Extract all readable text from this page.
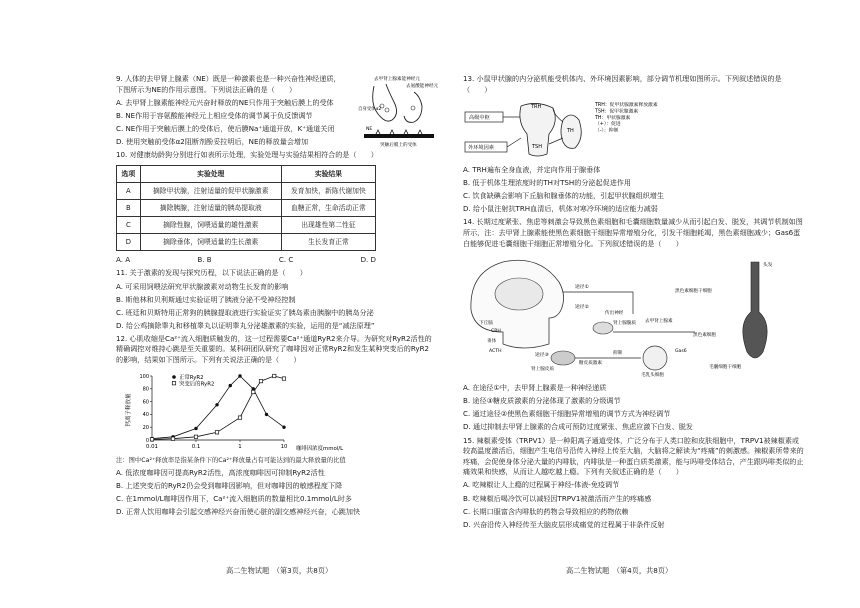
9. 人体的去甲肾上腺素（NE）既是一种激素也是一种兴奋性神经递质，下图所示为NE的作用示意图。下列说法正确的是（　　）

A. 去甲肾上腺素能神经元兴奋时释放的NE只作用于突触后膜上的受体

B. NE作用于容氨酸能神经元上相应受体的调节属于负反馈调节

C. NE作用于突触后膜上的受体后，使后膜Na⁺通道开放，K⁺通道关闭

D. 使用突触前受体α2阻断剂酚妥拉明后，NE的释放量会增加

10. 对健康幼龄狗分别进行如表所示处理，实验处理与实验结果相符合的是（　　）

选项	实验处理	实验结果
A	摘除甲状腺，注射适量的促甲状腺激素	发育加快，新陈代谢加快
B	摘除胰腺，注射适量的胰岛提取液	血糖正常，生命活动正常
C	摘除性腺，饲喂适量的雄性激素	出现雄性第二性征
D	摘除垂体，饲喂适量的生长激素	生长发育正常
A. A	B. B	C. C	D. D

11. 关于激素的发现与探究历程，以下说法正确的是（　　）

A. 可采用饲喂法研究甲状腺激素对动物生长发育的影响

B. 斯他林和贝利斯通过实验证明了胰液分泌不受神经控制

C. 班廷和贝斯特用正常狗的胰腺提取液进行实验证实了胰岛素由胰腺中的胰岛分泌

D. 给公鸡摘除睾丸和移植睾丸以证明睾丸分泌雄激素的实验，运用的是“减法原理”

12. 心肌收缩是Ca²⁺流入细胞质触发的，这一过程需要Ca²⁺通道RyR2来介导。为研究对RyR2活性的精确调控对维持心跳是至关重要的。某科研团队研究了咖啡因对正常RyR2和发生某种突变后的RyR2的影响，结果如下图所示。下列有关说法正确的是（　　）

钙离子释放量
0.01	0.1	1	10
0
20
40
60
80
100	正常RyR2
突变后的RyR2
咖啡因浓度mmol/L

注：图中Ca²⁺释放率是指某条件下的Ca²⁺释放量占有可能达到的最大释放量的比值

A. 低浓度咖啡因可提高RyR2活性，高浓度咖啡因可抑制RyR2活性

B. 上述突变后的RyR2仍会受到咖啡因影响，但对咖啡因的敏感程度下降

C. 在1mmol/L咖啡因作用下，Ca²⁺流入细胞质的数量相比0.1mmol/L时多

D. 正常人饮用咖啡会引起交感神经兴奋而使心脏的副交感神经兴奋，心跳加快

去甲肾上腺素能神经元
去氨酸能神经元
自身受体α2
NE
突触后膜上的受体

13. 小鼠甲状腺的内分泌机能受机体内、外环境因素影响，部分调节机理如图所示。下列叙述错误的是（　　）

高级中枢
外环境因素
TRH
TSH
TH
TRH：促甲状腺激素释放激素
TSH：促甲状腺激素
TH：甲状腺激素
（+）：促进
（-）：抑制

A. TRH遍布全身血液，并定向作用于腺垂体

B. 低于机体生理浓度时的TH对TSH的分泌起促进作用

C. 饮食缺碘会影响下丘脑和腺垂体的功能，引起甲状腺组织增生

D. 给小鼠注射抗TRH血清后，机体对寒冷环境的适应能力减弱

14. 长期过度紧张、焦虑等刺激会导致黑色素细胞和毛囊细胞数量减少从而引起白发、脱发，其调节机制如图所示，注：去甲肾上腺素能使黑色素细胞干细胞异常增殖分化，引发干细胞耗竭，黑色素细胞减少；Gas6蛋白能够促进毛囊细胞干细胞正常增殖分化。下列叙述错误的是（　　）

下丘脑
CRH
垂体
ACTH
途径①
途径②
途径③
传出神经
肾上腺髓质
肾上腺皮质
去甲肾上腺素
糖皮质激素
抑制
毛乳头细胞
Gas6
黑色素细胞干细胞
黑色素细胞
头发
毛囊细胞干细胞

A. 在途径①中，去甲肾上腺素是一种神经递质

B. 途径③糖皮质激素的分泌体现了激素的分级调节

C. 通过途径②使黑色素细胞干细胞异常增殖的调节方式为神经调节

D. 通过抑制去甲肾上腺素的合成可预防过度紧张、焦虑应激下白发、脱发

15. 辣椒素受体（TRPV1）是一种阳离子通道受体，广泛分布于人类口腔和皮肤细胞中，TRPV1被辣椒素或较高温度激活后，细胞产生电信号沿传入神经上传至大脑，大脑将之解读为“疼痛”的刺激感。辣椒素所带来的疼痛，会促使身体分泌大量的内啡肽，内啡肽是一种蛋白质类激素，能与吗啡受体结合，产生跟吗啡类似的止痛效果和快感，从而让人越吃越上瘾。下列有关叙述正确的是（　　）

A. 吃辣椒让人上瘾的过程属于神经-体液-免疫调节

B. 吃辣椒后喝冷饮可以减轻因TRPV1被激活而产生的疼痛感

C. 长期口服富含内啡肽的药物会导致相应的药物依赖

D. 兴奋沿传入神经传至大脑皮层形成痛觉的过程属于非条件反射

高二生物试题　（第3页，共8页）	高二生物试题　（第4页，共8页）
